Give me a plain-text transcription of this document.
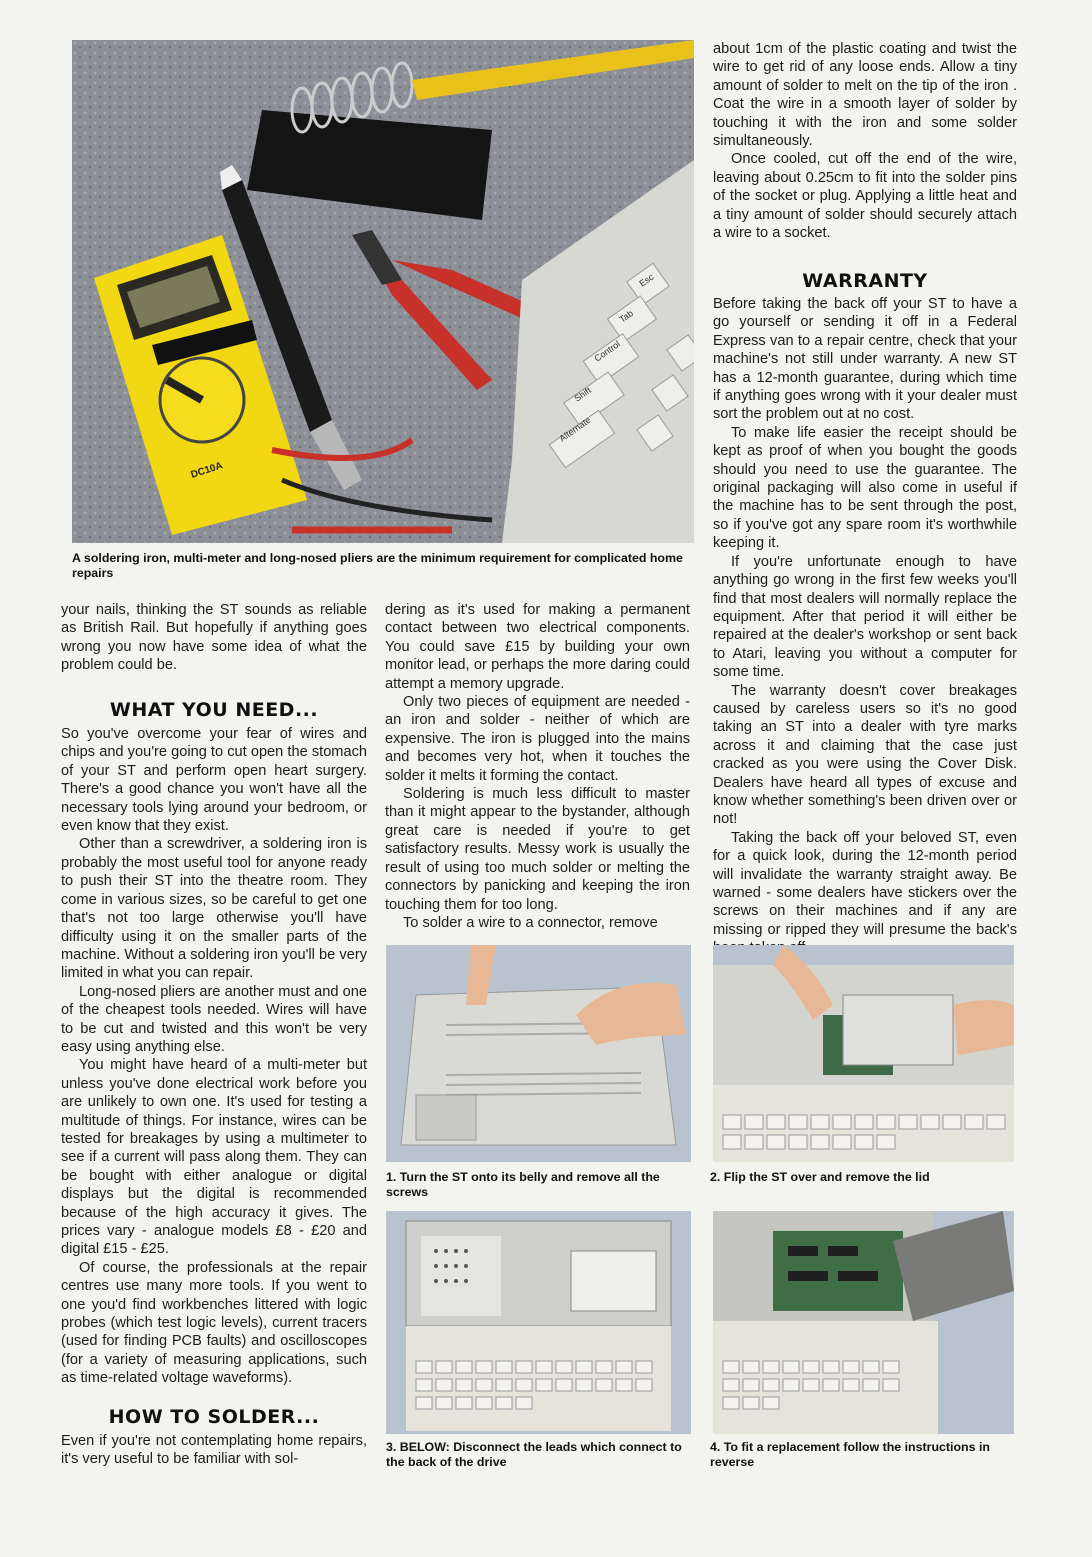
Esc
Tab
Control
Shift
Alternate
DC10A
A soldering iron, multi-meter and long-nosed pliers are the minimum requirement for complicated home repairs

about 1cm of the plastic coating and twist the wire to get rid of any loose ends. Allow a tiny amount of solder to melt on the tip of the iron . Coat the wire in a smooth layer of solder by touching it with the iron and some solder simultaneously.

Once cooled, cut off the end of the wire, leaving about 0.25cm to fit into the solder pins of the socket or plug. Applying a little heat and a tiny amount of solder should securely attach a wire to a socket.

WARRANTY

Before taking the back off your ST to have a go yourself or sending it off in a Federal Express van to a repair centre, check that your machine's not still under warranty. A new ST has a 12-month guarantee, during which time if anything goes wrong with it your dealer must sort the problem out at no cost.

To make life easier the receipt should be kept as proof of when you bought the goods should you need to use the guarantee. The original packaging will also come in useful if the machine has to be sent through the post, so if you've got any spare room it's worthwhile keeping it.

If you're unfortunate enough to have anything go wrong in the first few weeks you'll find that most dealers will normally replace the equipment. After that period it will either be repaired at the dealer's workshop or sent back to Atari, leaving you without a computer for some time.

The warranty doesn't cover breakages caused by careless users so it's no good taking an ST into a dealer with tyre marks across it and claiming that the case just cracked as you were using the Cover Disk. Dealers have heard all types of excuse and know whether something's been driven over or not!

Taking the back off your beloved ST, even for a quick look, during the 12-month period will invalidate the warranty straight away. Be warned - some dealers have stickers over the screws on their machines and if any are missing or ripped they will presume the back's

your nails, thinking the ST sounds as reliable as British Rail. But hopefully if anything goes wrong you now have some idea of what the problem could be.

WHAT YOU NEED...

So you've overcome your fear of wires and chips and you're going to cut open the stomach of your ST and perform open heart surgery. There's a good chance you won't have all the necessary tools lying around your bedroom, or even know that they exist.

Other than a screwdriver, a soldering iron is probably the most useful tool for anyone ready to push their ST into the theatre room. They come in various sizes, so be careful to get one that's not too large otherwise you'll have difficulty using it on the smaller parts of the machine. Without a soldering iron you'll be very limited in what you can repair.

Long-nosed pliers are another must and one of the cheapest tools needed. Wires will have to be cut and twisted and this won't be very easy using anything else.

You might have heard of a multi-meter but unless you've done electrical work before you are unlikely to own one. It's used for testing a multitude of things. For instance, wires can be tested for breakages by using a multimeter to see if a current will pass along them. They can be bought with either analogue or digital displays but the digital is recommended because of the high accuracy it gives. The prices vary - analogue models £8 - £20 and digital £15 - £25.

Of course, the professionals at the repair centres use many more tools. If you went to one you'd find workbenches littered with logic probes (which test logic levels), current tracers (used for finding PCB faults) and oscilloscopes (for a variety of measuring applications, such as time-related voltage waveforms).

HOW TO SOLDER...

Even if you're not contemplating home repairs, it's very useful to be familiar with sol-

dering as it's used for making a permanent contact between two electrical components. You could save £15 by building your own monitor lead, or perhaps the more daring could attempt a memory upgrade.

Only two pieces of equipment are needed - an iron and solder - neither of which are expensive. The iron is plugged into the mains and becomes very hot, when it touches the solder it melts it forming the contact.

Soldering is much less difficult to master than it might appear to the bystander, although great care is needed if you're to get satisfactory results. Messy work is usually the result of using too much solder or melting the connectors by panicking and keeping the iron touching them for too long.

To solder a wire to a connector, remove

1. Turn the ST onto its belly and remove all the screws
2. Flip the ST over and remove the lid
3. BELOW: Disconnect the leads which connect to the back of the drive
4. To fit a replacement follow the instructions in reverse
